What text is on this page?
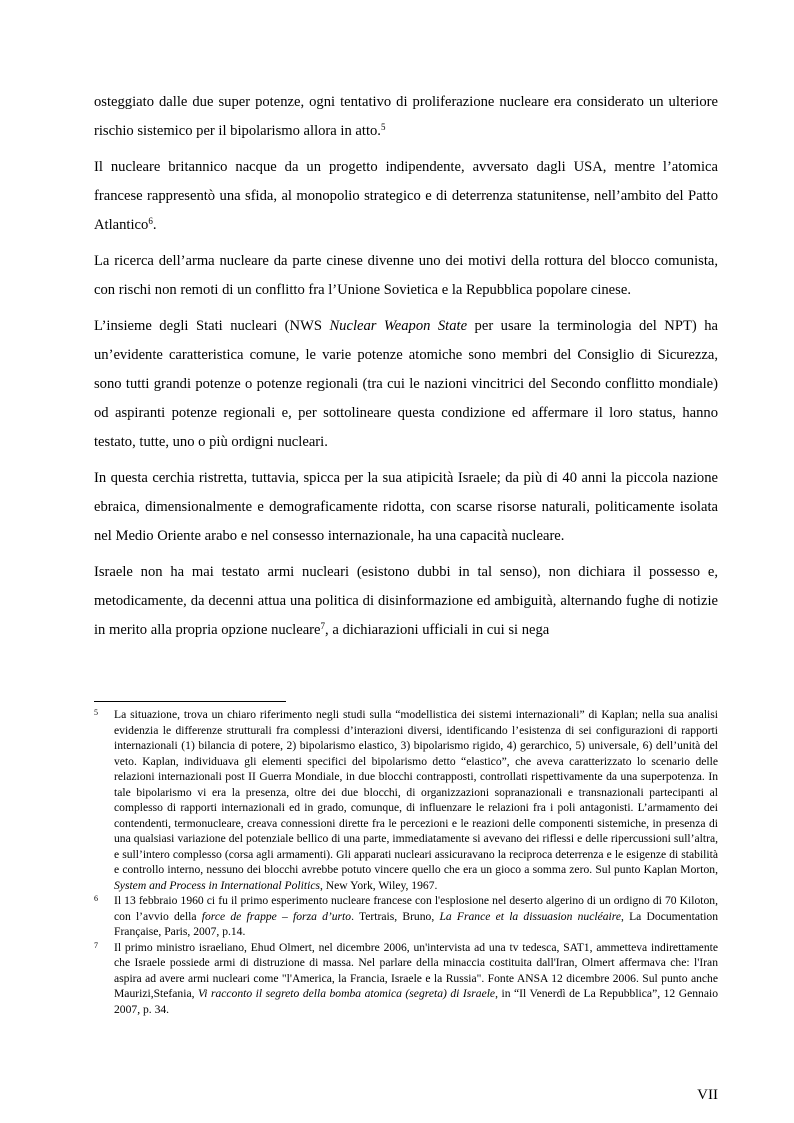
osteggiato dalle due super potenze, ogni tentativo di proliferazione nucleare era considerato un ulteriore rischio sistemico per il bipolarismo allora in atto.$^5$

Il nucleare britannico nacque da un progetto indipendente, avversato dagli USA, mentre l’atomica francese rappresentò una sfida, al monopolio strategico e di deterrenza statunitense, nell’ambito del Patto Atlantico$^6$.

La ricerca dell’arma nucleare da parte cinese divenne uno dei motivi della rottura del blocco comunista, con rischi non remoti di un conflitto fra l’Unione Sovietica e la Repubblica popolare cinese.

L’insieme degli Stati nucleari (NWS Nuclear Weapon State per usare la terminologia del NPT) ha un’evidente caratteristica comune, le varie potenze atomiche sono membri del Consiglio di Sicurezza, sono tutti grandi potenze o potenze regionali (tra cui le nazioni vincitrici del Secondo conflitto mondiale) od aspiranti potenze regionali e, per sottolineare questa condizione ed affermare il loro status, hanno testato, tutte, uno o più ordigni nucleari.

In questa cerchia ristretta, tuttavia, spicca per la sua atipicità Israele; da più di 40 anni la piccola nazione ebraica, dimensionalmente e demograficamente ridotta, con scarse risorse naturali, politicamente isolata nel Medio Oriente arabo e nel consesso internazionale, ha una capacità nucleare.

Israele non ha mai testato armi nucleari (esistono dubbi in tal senso), non dichiara il possesso e, metodicamente, da decenni attua una politica di disinformazione ed ambiguità, alternando fughe di notizie in merito alla propria opzione nucleare$^7$, a dichiarazioni ufficiali in cui si nega

5 La situazione, trova un chiaro riferimento negli studi sulla “modellistica dei sistemi internazionali” di Kaplan; nella sua analisi evidenzia le differenze strutturali fra complessi d’interazioni diversi, identificando l’esistenza di sei configurazioni di rapporti internazionali (1) bilancia di potere, 2) bipolarismo elastico, 3) bipolarismo rigido, 4) gerarchico, 5) universale, 6) dell’unità del veto. Kaplan, individuava gli elementi specifici del bipolarismo detto “elastico”, che aveva caratterizzato lo scenario delle relazioni internazionali post II Guerra Mondiale, in due blocchi contrapposti, controllati rispettivamente da una superpotenza. In tale bipolarismo vi era la presenza, oltre dei due blocchi, di organizzazioni sopranazionali e transnazionali partecipanti al complesso di rapporti internazionali ed in grado, comunque, di influenzare le relazioni fra i poli antagonisti. L’armamento dei contendenti, termonucleare, creava connessioni dirette fra le percezioni e le reazioni delle componenti sistemiche, in presenza di una qualsiasi variazione del potenziale bellico di una parte, immediatamente si avevano dei riflessi e delle ripercussioni sull’altra, e sull’intero complesso (corsa agli armamenti). Gli apparati nucleari assicuravano la reciproca deterrenza e le esigenze di stabilità e controllo interno, nessuno dei blocchi avrebbe potuto vincere quello che era un gioco a somma zero. Sul punto Kaplan Morton, System and Process in International Politics, New York, Wiley, 1967.

6 Il 13 febbraio 1960 ci fu il primo esperimento nucleare francese con l'esplosione nel deserto algerino di un ordigno di 70 Kiloton, con l’avvio della force de frappe – forza d’urto. Tertrais, Bruno, La France et la dissuasion nucléaire, La Documentation Française, Paris, 2007, p.14.

7 Il primo ministro israeliano, Ehud Olmert, nel dicembre 2006, un'intervista ad una tv tedesca, SAT1, ammetteva indirettamente che Israele possiede armi di distruzione di massa. Nel parlare della minaccia costituita dall'Iran, Olmert affermava che: l'Iran aspira ad avere armi nucleari come "l'America, la Francia, Israele e la Russia". Fonte ANSA 12 dicembre 2006. Sul punto anche Maurizi,Stefania, Vi racconto il segreto della bomba atomica (segreta) di Israele, in “Il Venerdì de La Repubblica”, 12 Gennaio 2007, p. 34.

VII
